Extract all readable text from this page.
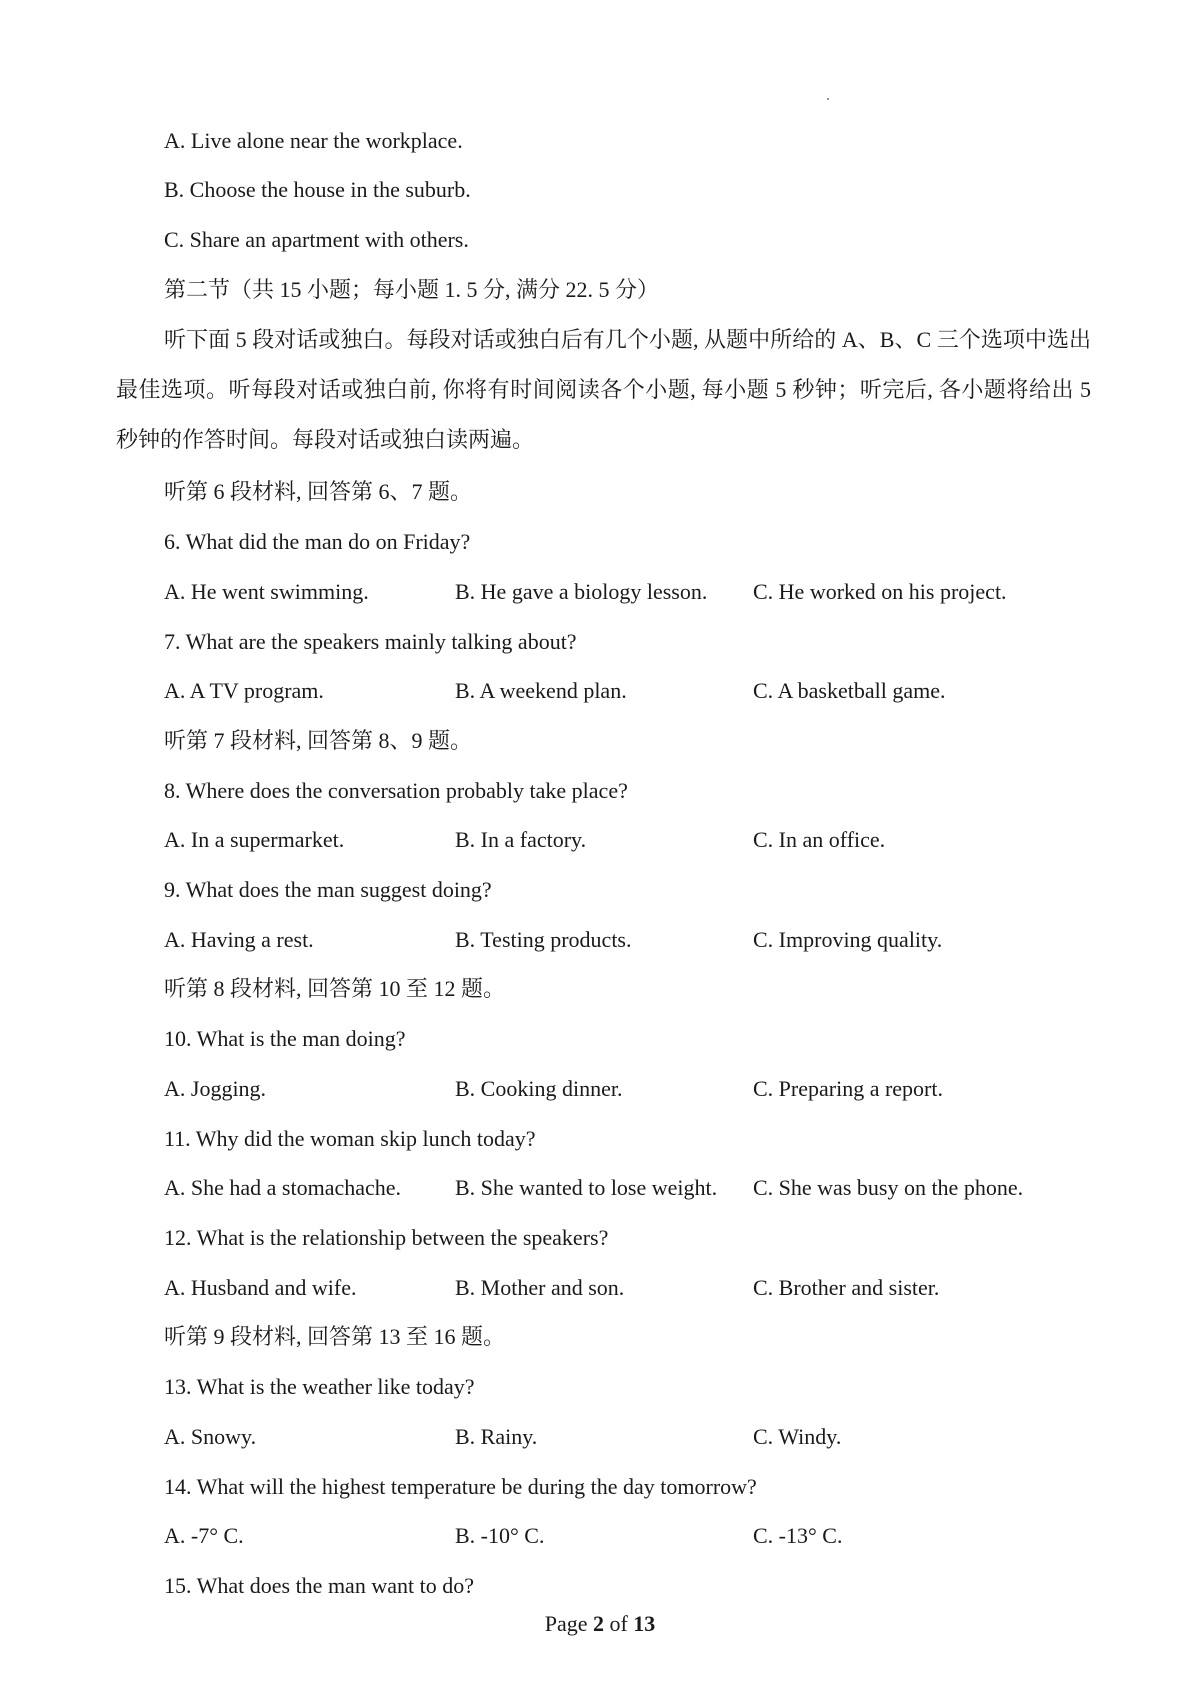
A. Live alone near the workplace.
B. Choose the house in the suburb.
C. Share an apartment with others.
第二节（共 15 小题；每小题 1. 5 分, 满分 22. 5 分）
听下面 5 段对话或独白。每段对话或独白后有几个小题, 从题中所给的 A、B、C 三个选项中选出最佳选项。听每段对话或独白前, 你将有时间阅读各个小题, 每小题 5 秒钟；听完后, 各小题将给出 5 秒钟的作答时间。每段对话或独白读两遍。
听第 6 段材料, 回答第 6、7 题。
6. What did the man do on Friday?
A. He went swimming.	B. He gave a biology lesson. C. He worked on his project.
7. What are the speakers mainly talking about?
A. A TV program.	B. A weekend plan.	C. A basketball game.
听第 7 段材料, 回答第 8、9 题。
8. Where does the conversation probably take place?
A. In a supermarket.	B. In a factory.	C. In an office.
9. What does the man suggest doing?
A. Having a rest.	B. Testing products.	C. Improving quality.
听第 8 段材料, 回答第 10 至 12 题。
10. What is the man doing?
A. Jogging.	B. Cooking dinner.	C. Preparing a report.
11. Why did the woman skip lunch today?
A. She had a stomachache. B. She wanted to lose weight. C. She was busy on the phone.
12. What is the relationship between the speakers?
A. Husband and wife.	B. Mother and son.	C. Brother and sister.
听第 9 段材料, 回答第 13 至 16 题。
13. What is the weather like today?
A. Snowy.	B. Rainy.	C. Windy.
14. What will the highest temperature be during the day tomorrow?
A. -7° C.	B. -10° C.	C. -13° C.
15. What does the man want to do?
Page 2 of 13
